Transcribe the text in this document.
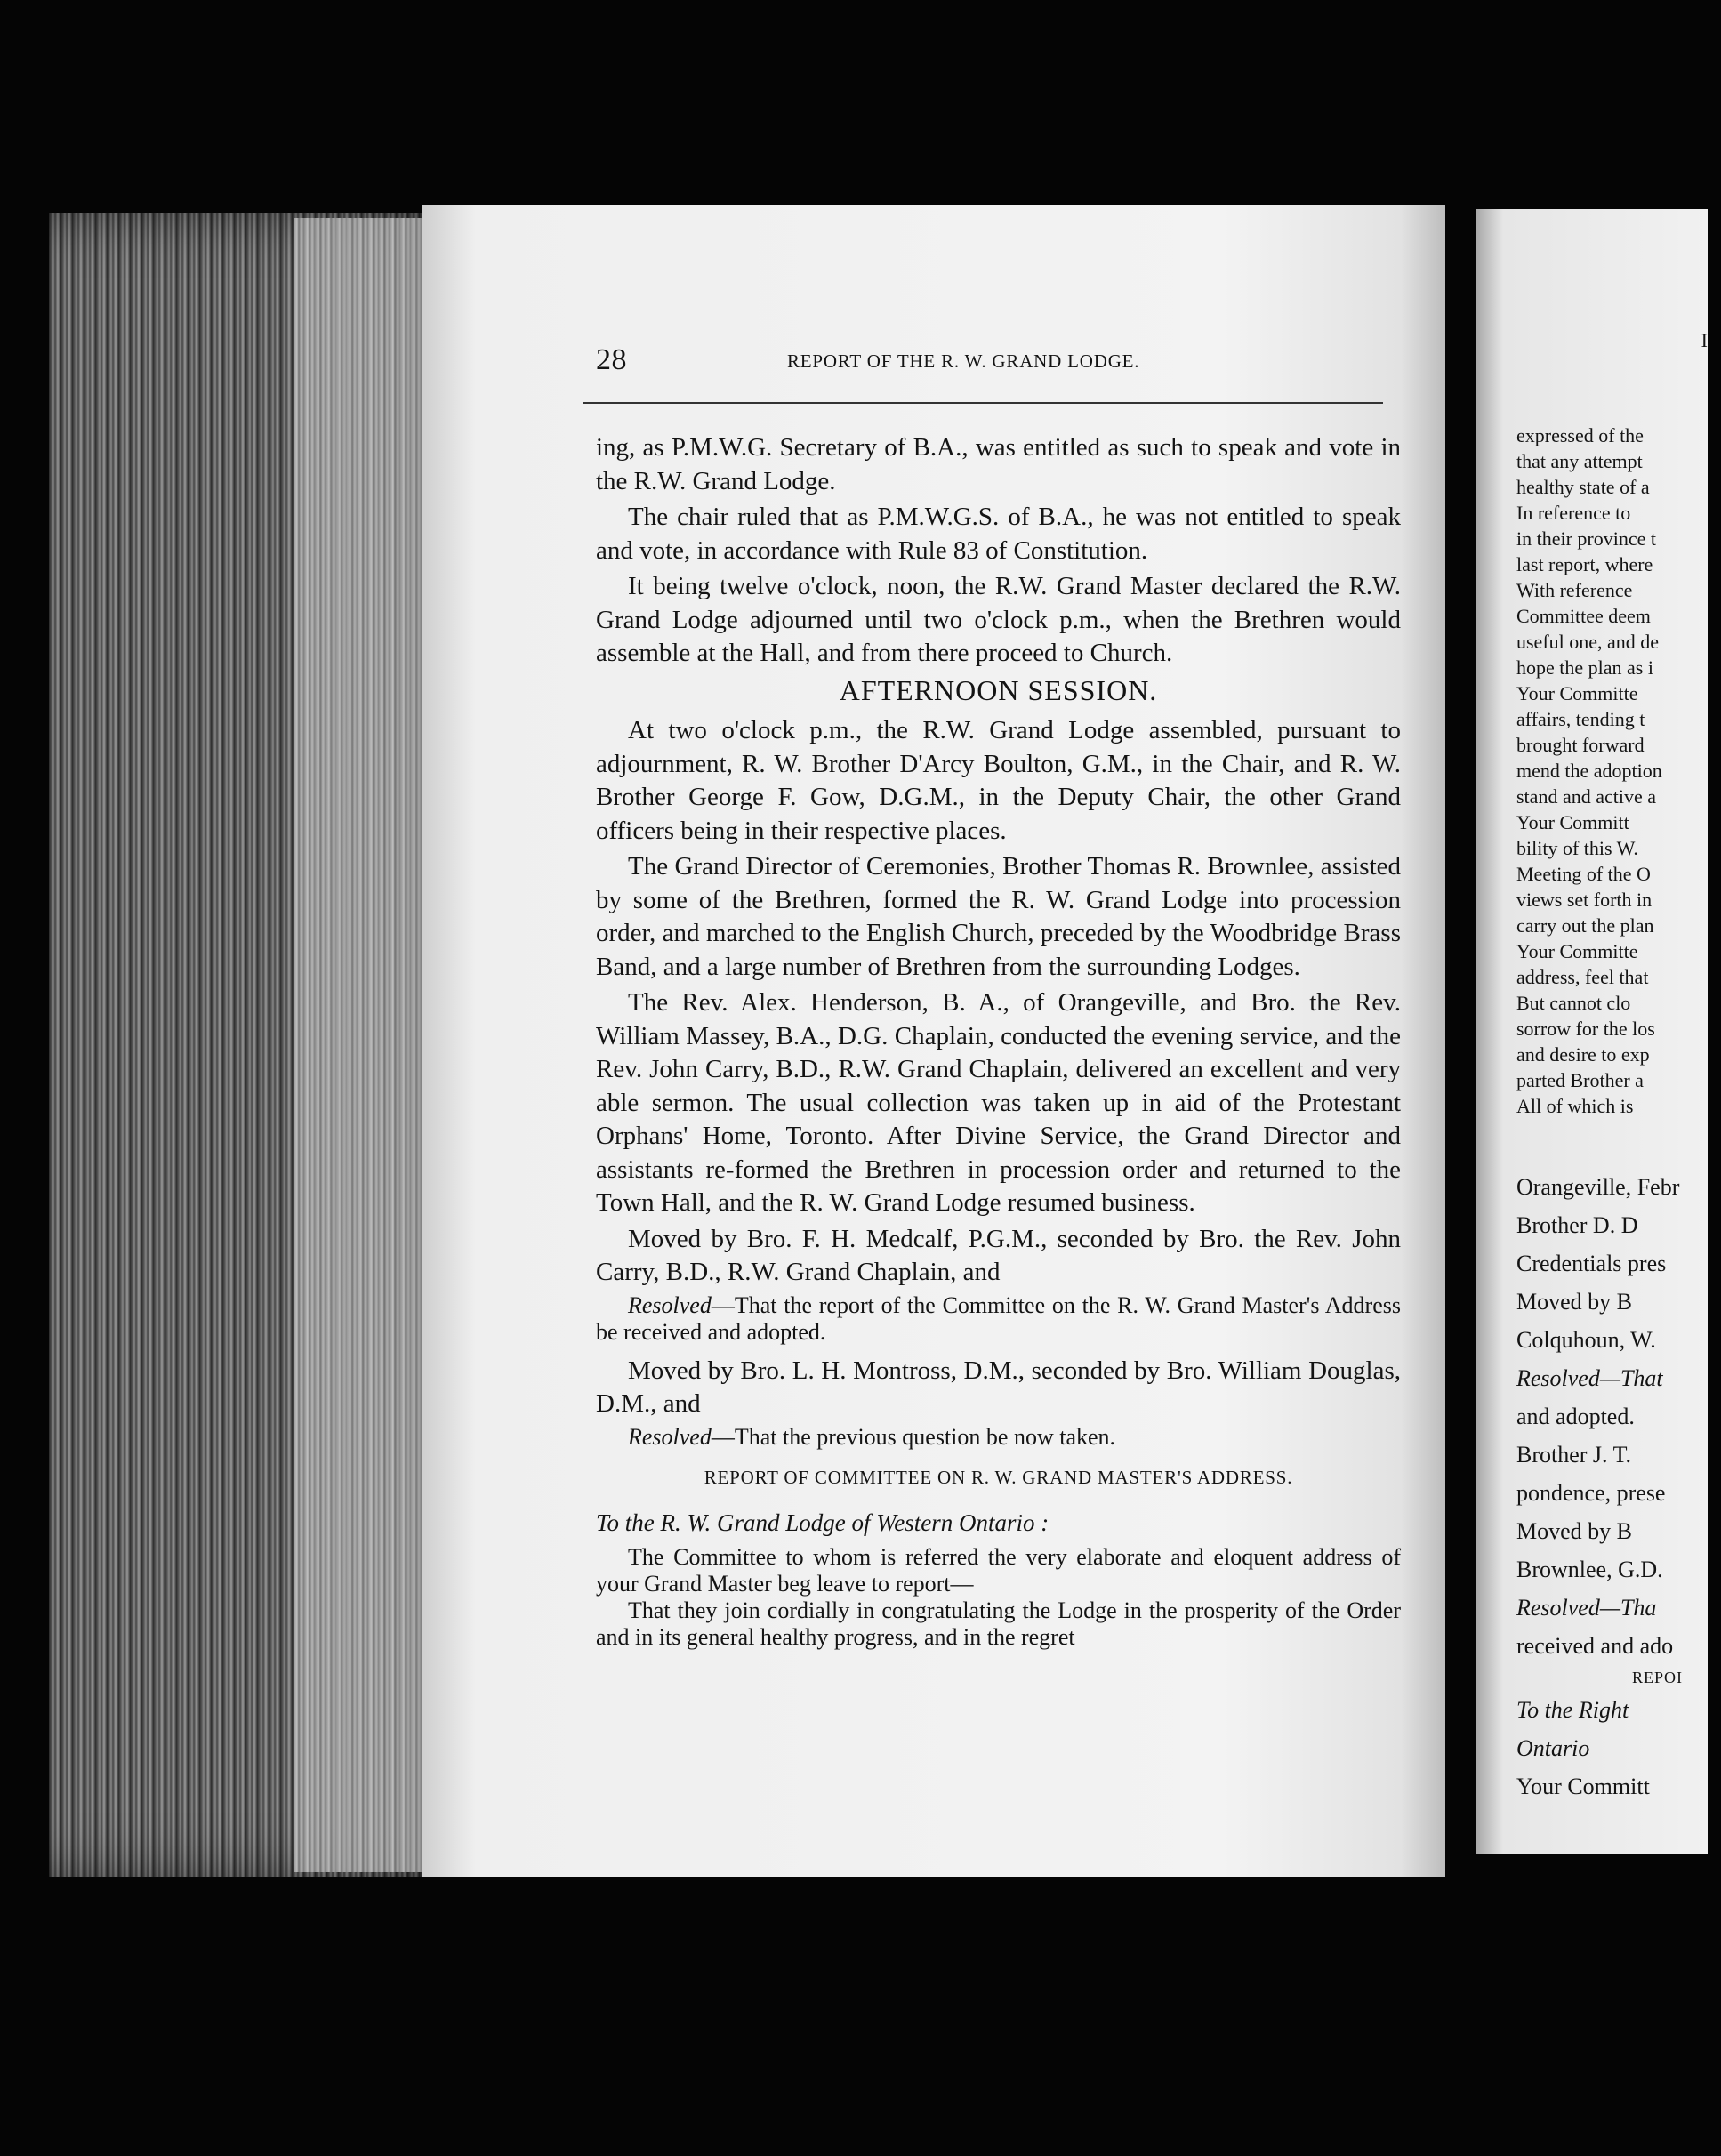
28	REPORT OF THE R. W. GRAND LODGE.

ing, as P.M.W.G. Secretary of B.A., was entitled as such to speak and vote in the R.W. Grand Lodge.

The chair ruled that as P.M.W.G.S. of B.A., he was not entitled to speak and vote, in accordance with Rule 83 of Constitution.

It being twelve o'clock, noon, the R.W. Grand Master declared the R.W. Grand Lodge adjourned until two o'clock p.m., when the Brethren would assemble at the Hall, and from there proceed to Church.

AFTERNOON SESSION.

At two o'clock p.m., the R.W. Grand Lodge assembled, pursuant to adjournment, R. W. Brother D'Arcy Boulton, G.M., in the Chair, and R. W. Brother George F. Gow, D.G.M., in the Deputy Chair, the other Grand officers being in their respective places.

The Grand Director of Ceremonies, Brother Thomas R. Brownlee, assisted by some of the Brethren, formed the R. W. Grand Lodge into procession order, and marched to the English Church, preceded by the Woodbridge Brass Band, and a large number of Brethren from the surrounding Lodges.

The Rev. Alex. Henderson, B. A., of Orangeville, and Bro. the Rev. William Massey, B.A., D.G. Chaplain, conducted the evening service, and the Rev. John Carry, B.D., R.W. Grand Chaplain, delivered an excellent and very able sermon. The usual collection was taken up in aid of the Protestant Orphans' Home, Toronto. After Divine Service, the Grand Director and assistants re-formed the Brethren in procession order and returned to the Town Hall, and the R. W. Grand Lodge resumed business.

Moved by Bro. F. H. Medcalf, P.G.M., seconded by Bro. the Rev. John Carry, B.D., R.W. Grand Chaplain, and

Resolved—That the report of the Committee on the R. W. Grand Master's Address be received and adopted.

Moved by Bro. L. H. Montross, D.M., seconded by Bro. William Douglas, D.M., and

Resolved—That the previous question be now taken.

REPORT OF COMMITTEE ON R. W. GRAND MASTER'S ADDRESS.
To the R. W. Grand Lodge of Western Ontario :

The Committee to whom is referred the very elaborate and eloquent address of your Grand Master beg leave to report—

That they join cordially in congratulating the Lodge in the prosperity of the Order and in its general healthy progress, and in the regret

I
expressed of the
that any attempt
healthy state of a
In reference to
in their province t
last report, where
With reference
Committee deem
useful one, and de
hope the plan as i
Your Committe
affairs, tending t
brought forward
mend the adoption
stand and active a
Your Committ
bility of this W.
Meeting of the O
views set forth in
carry out the plan
Your Committe
address, feel that
But cannot clo
sorrow for the los
and desire to exp
parted Brother a
All of which is
Orangeville, Febr
Brother D. D
Credentials pres
Moved by B
Colquhoun, W.
Resolved—That
and adopted.
Brother J. T.
pondence, prese
Moved by B
Brownlee, G.D.
Resolved—Tha
received and ado
REPOI
To the Right
Ontario
Your Committ
